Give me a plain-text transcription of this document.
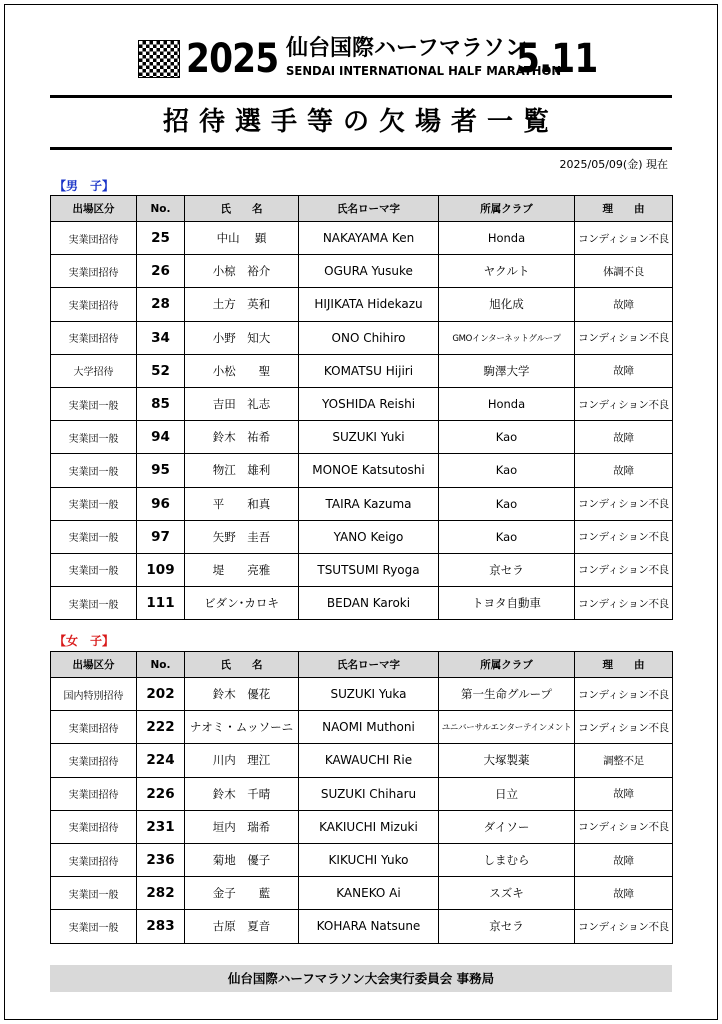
2025 仙台国際ハーフマラソン
SENDAI INTERNATIONAL HALF MARATHON
5.11
招待選手等の欠場者一覧
2025/05/09(金) 現在
【男　子】
出場区分	No.	氏　　名	氏名ローマ字	所属クラブ	理　　由
実業団招待	25	中山　 顕	NAKAYAMA Ken	Honda	コンディション不良
実業団招待	26	小椋　裕介	OGURA Yusuke	ヤクルト	体調不良
実業団招待	28	土方　英和	HIJIKATA Hidekazu	旭化成	故障
実業団招待	34	小野　知大	ONO Chihiro	GMOインターネットグループ	コンディション不良
大学招待	52	小松　　聖	KOMATSU Hijiri	駒澤大学	故障
実業団一般	85	吉田　礼志	YOSHIDA Reishi	Honda	コンディション不良
実業団一般	94	鈴木　祐希	SUZUKI Yuki	Kao	故障
実業団一般	95	物江　雄利	MONOE Katsutoshi	Kao	故障
実業団一般	96	平　　和真	TAIRA Kazuma	Kao	コンディション不良
実業団一般	97	矢野　圭吾	YANO Keigo	Kao	コンディション不良
実業団一般	109	堤　　亮雅	TSUTSUMI Ryoga	京セラ	コンディション不良
実業団一般	111	ビダン･カロキ	BEDAN Karoki	トヨタ自動車	コンディション不良
【女　子】
出場区分	No.	氏　　名	氏名ローマ字	所属クラブ	理　　由
国内特別招待	202	鈴木　優花	SUZUKI Yuka	第一生命グループ	コンディション不良
実業団招待	222	ナオミ・ムッソーニ	NAOMI Muthoni	ユニバーサルエンターテインメント	コンディション不良
実業団招待	224	川内　理江	KAWAUCHI Rie	大塚製薬	調整不足
実業団招待	226	鈴木　千晴	SUZUKI Chiharu	日立	故障
実業団招待	231	垣内　瑞希	KAKIUCHI Mizuki	ダイソー	コンディション不良
実業団招待	236	菊地　優子	KIKUCHI Yuko	しまむら	故障
実業団一般	282	金子　　藍	KANEKO Ai	スズキ	故障
実業団一般	283	古原　夏音	KOHARA Natsune	京セラ	コンディション不良
仙台国際ハーフマラソン大会実行委員会 事務局
